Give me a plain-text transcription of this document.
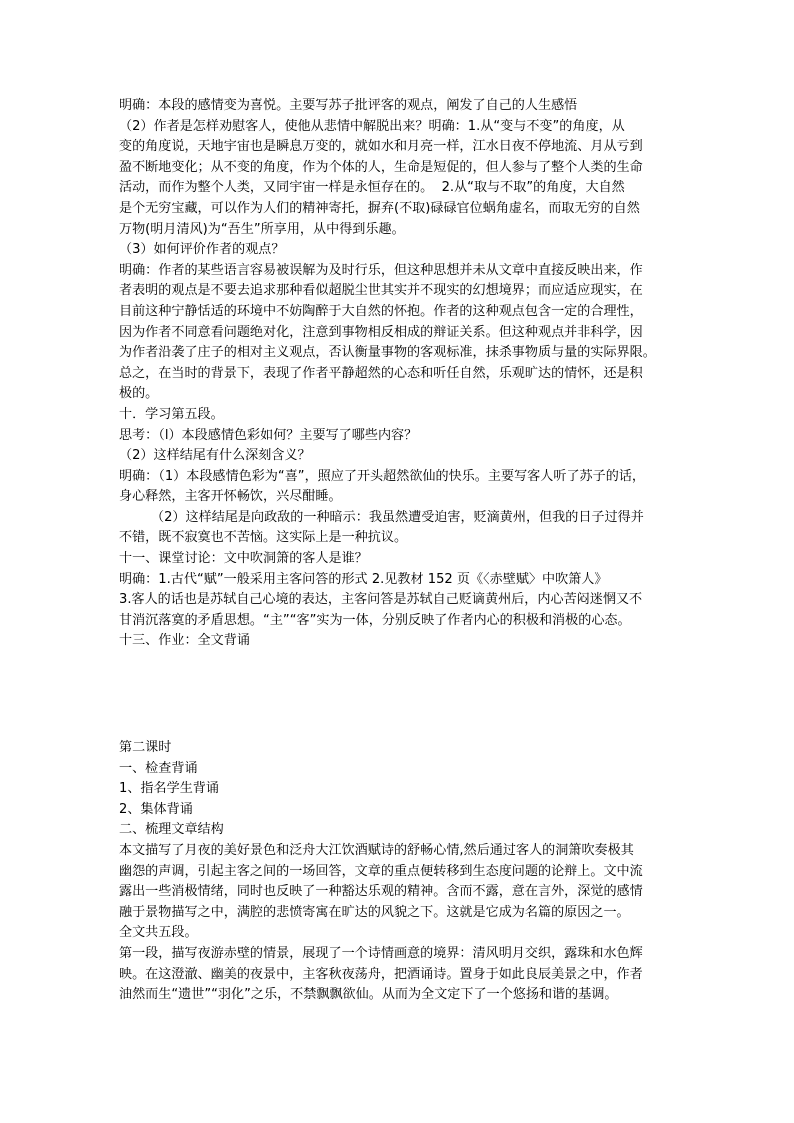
明确：本段的感情变为喜悦。主要写苏子批评客的观点，阐发了自己的人生感悟
（2）作者是怎样劝慰客人，使他从悲情中解脱出来？明确：1.从“变与不变”的角度，从
变的角度说，天地宇宙也是瞬息万变的，就如水和月亮一样，江水日夜不停地流、月从亏到
盈不断地变化；从不变的角度，作为个体的人，生命是短促的，但人参与了整个人类的生命
活动，而作为整个人类，又同宇宙一样是永恒存在的。  2.从“取与不取”的角度，大自然
是个无穷宝藏，可以作为人们的精神寄托，摒弃(不取)碌碌官位蜗角虚名，而取无穷的自然
万物(明月清风)为“吾生”所享用，从中得到乐趣。
（3）如何评价作者的观点？
明确：作者的某些语言容易被误解为及时行乐，但这种思想并未从文章中直接反映出来，作
者表明的观点是不要去追求那种看似超脱尘世其实并不现实的幻想境界；而应适应现实，在
目前这种宁静恬适的环境中不妨陶醉于大自然的怀抱。作者的这种观点包含一定的合理性，
因为作者不同意看问题绝对化，注意到事物相反相成的辩证关系。但这种观点并非科学，因
为作者沿袭了庄子的相对主义观点，否认衡量事物的客观标准，抹杀事物质与量的实际界限。
总之，在当时的背景下，表现了作者平静超然的心态和听任自然，乐观旷达的情怀，还是积
极的。
十．学习第五段。
思考：（l）本段感情色彩如何？主要写了哪些内容？
（2）这样结尾有什么深刻含义？
明确：（1）本段感情色彩为“喜”，照应了开头超然欲仙的快乐。主要写客人听了苏子的话，
身心释然，主客开怀畅饮，兴尽酣睡。
（2）这样结尾是向政敌的一种暗示：我虽然遭受迫害，贬滴黄州，但我的日子过得并
不错，既不寂寞也不苦恼。这实际上是一种抗议。
十一、课堂讨论：文中吹洞箫的客人是谁？
明确：1.古代“赋”一般采用主客问答的形式 2.见教材 152 页《〈赤壁赋〉中吹箫人》
3.客人的话也是苏轼自己心境的表达，主客问答是苏轼自己贬谪黄州后，内心苦闷迷惘又不
甘消沉落寞的矛盾思想。“主”“客”实为一体，分别反映了作者内心的积极和消极的心态。
十三、作业：全文背诵
第二课时
一、检查背诵
1、指名学生背诵
2、集体背诵
二、梳理文章结构
本文描写了月夜的美好景色和泛舟大江饮酒赋诗的舒畅心情,然后通过客人的洞箫吹奏极其
幽怨的声调，引起主客之间的一场回答，文章的重点便转移到生态度问题的论辩上。文中流
露出一些消极情绪，同时也反映了一种豁达乐观的精神。含而不露，意在言外，深觉的感情
融于景物描写之中，满腔的悲愤寄寓在旷达的风貌之下。这就是它成为名篇的原因之一。
全文共五段。
第一段，描写夜游赤壁的情景，展现了一个诗情画意的境界：清风明月交织，露珠和水色辉
映。在这澄澈、幽美的夜景中，主客秋夜荡舟，把酒诵诗。置身于如此良辰美景之中，作者
油然而生“遗世”“羽化”之乐，不禁飘飘欲仙。从而为全文定下了一个悠扬和谐的基调。
